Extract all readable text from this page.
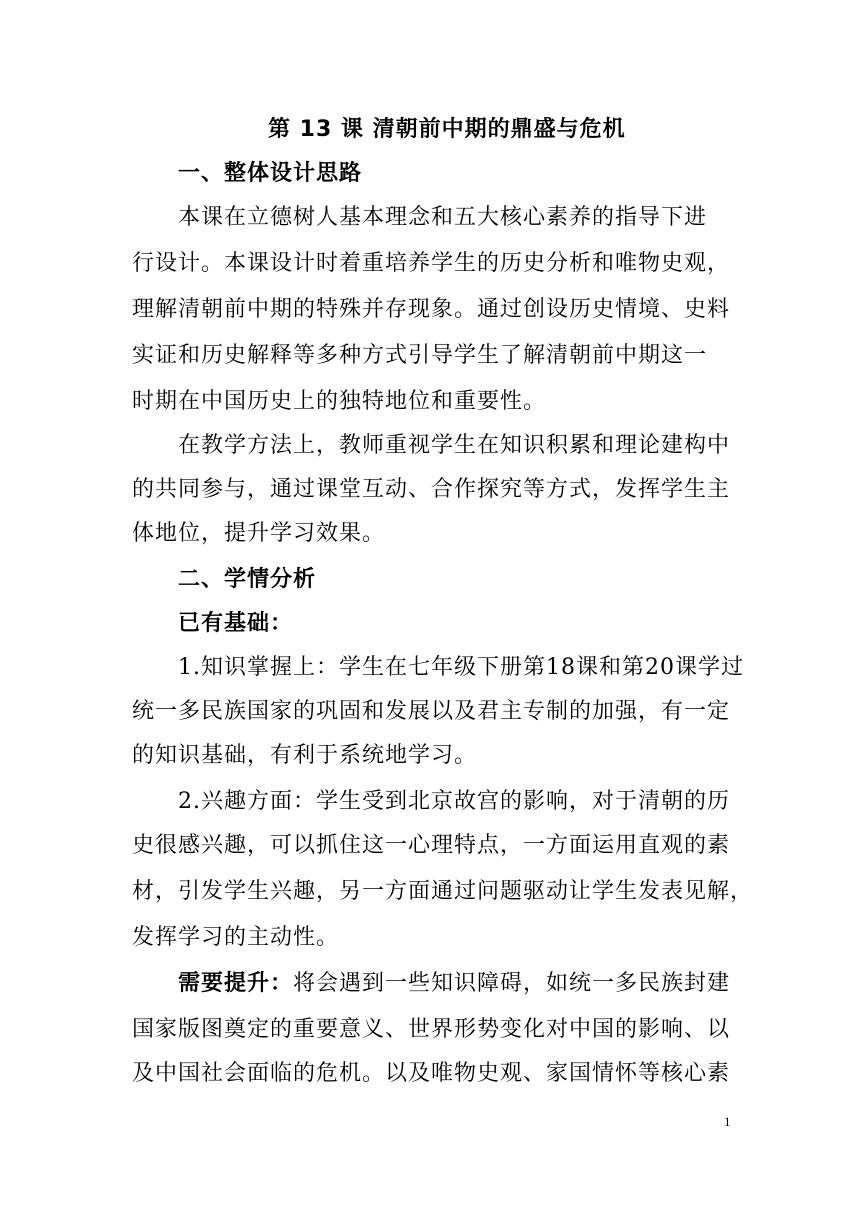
第 13 课 清朝前中期的鼎盛与危机

一、整体设计思路

本课在立德树人基本理念和五大核心素养的指导下进

行设计。本课设计时着重培养学生的历史分析和唯物史观，

理解清朝前中期的特殊并存现象。通过创设历史情境、史料

实证和历史解释等多种方式引导学生了解清朝前中期这一

时期在中国历史上的独特地位和重要性。

在教学方法上，教师重视学生在知识积累和理论建构中

的共同参与，通过课堂互动、合作探究等方式，发挥学生主

体地位，提升学习效果。

二、学情分析

已有基础：

1.知识掌握上：学生在七年级下册第18课和第20课学过

统一多民族国家的巩固和发展以及君主专制的加强，有一定

的知识基础，有利于系统地学习。

2.兴趣方面：学生受到北京故宫的影响，对于清朝的历

史很感兴趣，可以抓住这一心理特点，一方面运用直观的素

材，引发学生兴趣，另一方面通过问题驱动让学生发表见解，

发挥学习的主动性。

需要提升：将会遇到一些知识障碍，如统一多民族封建

国家版图奠定的重要意义、世界形势变化对中国的影响、以

及中国社会面临的危机。以及唯物史观、家国情怀等核心素

1
